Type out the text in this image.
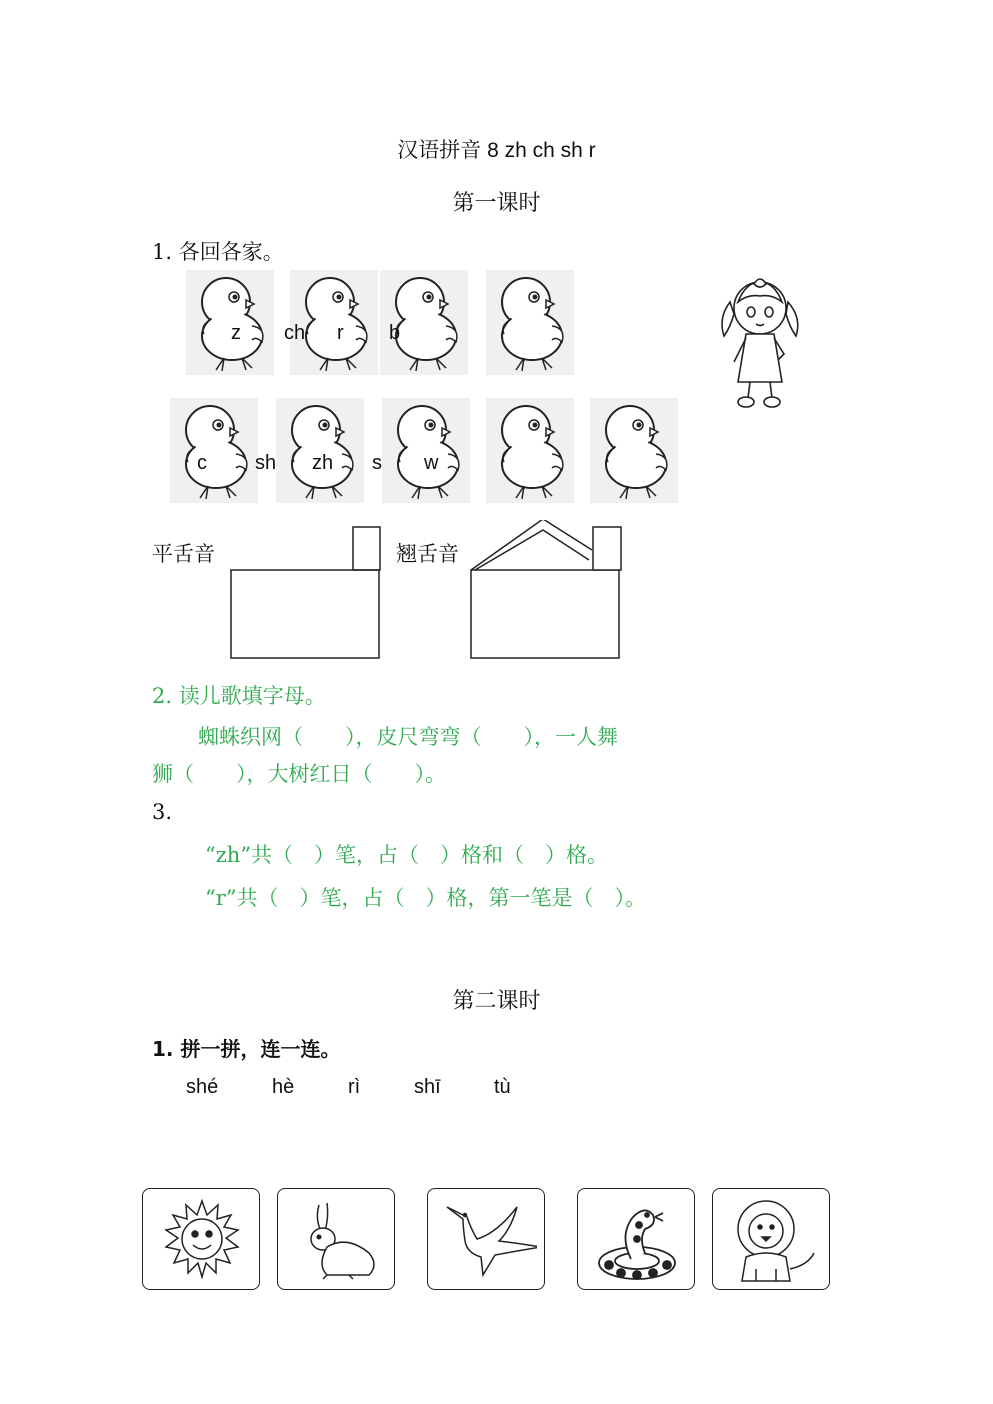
汉语拼音 8 zh ch sh r
第一课时
1. 各回各家。
z ch r b
c sh zh s w
平舌音	翘舌音
2. 读儿歌填字母。
蜘蛛织网（　　），皮尺弯弯（　　），一人舞
狮（　　），大树红日（　　）。
3.
“zh”共（　）笔，占（　）格和（　）格。
“r”共（　）笔，占（　）格，第一笔是（　）。
第二课时
1. 拼一拼，连一连。
shé	hè	rì	shī	tù
